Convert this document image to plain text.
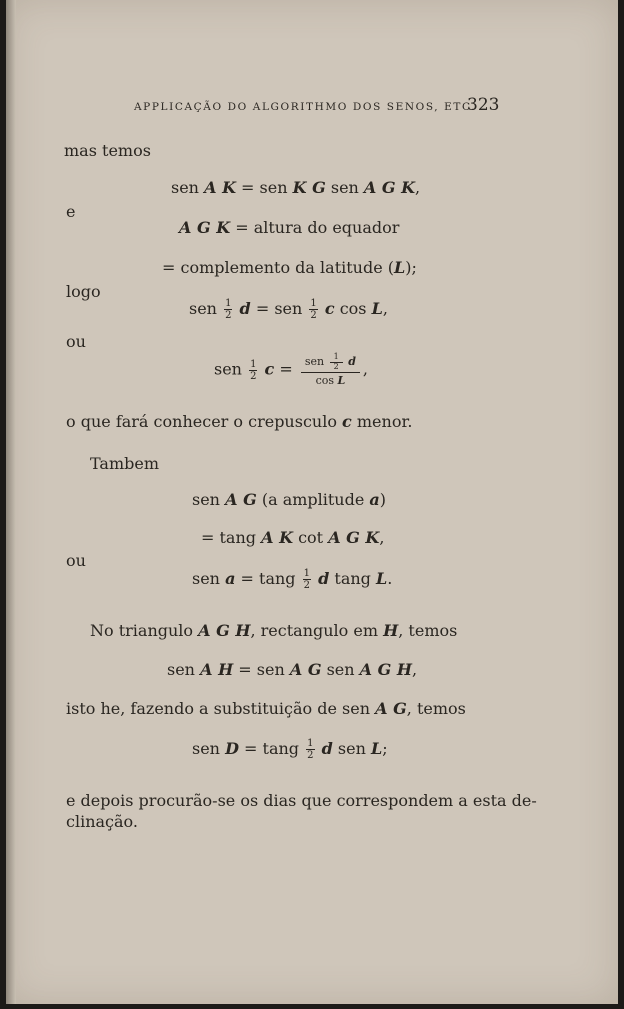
APPLICAÇÃO DO ALGORITHMO DOS SENOS, ETC.
323
mas temos
sen A K = sen K G sen A G K,
e
A G K = altura do equador
= complemento da latitude (L);
logo
sen $\frac{1}{2}$ d = sen $\frac{1}{2}$ c cos L,
ou
sen $\frac{1}{2}$ $c = \frac{sen \frac{1}{2} d}{\text{cos L}}$ ,
o que fará conhecer o crepusculo c menor.
Tambem
sen A G (a amplitude a)
= tang A K cot A G K,
ou
sen a = tang $\frac{1}{2}$ d tang L.
No triangulo A G H, rectangulo em H, temos
sen A H = sen A G sen A G H,
isto he, fazendo a substituição de sen A G, temos
sen D = tang $\frac{1}{2}$ d sen L;
e depois procurão-se os dias que correspondem a esta de-
clinação.
